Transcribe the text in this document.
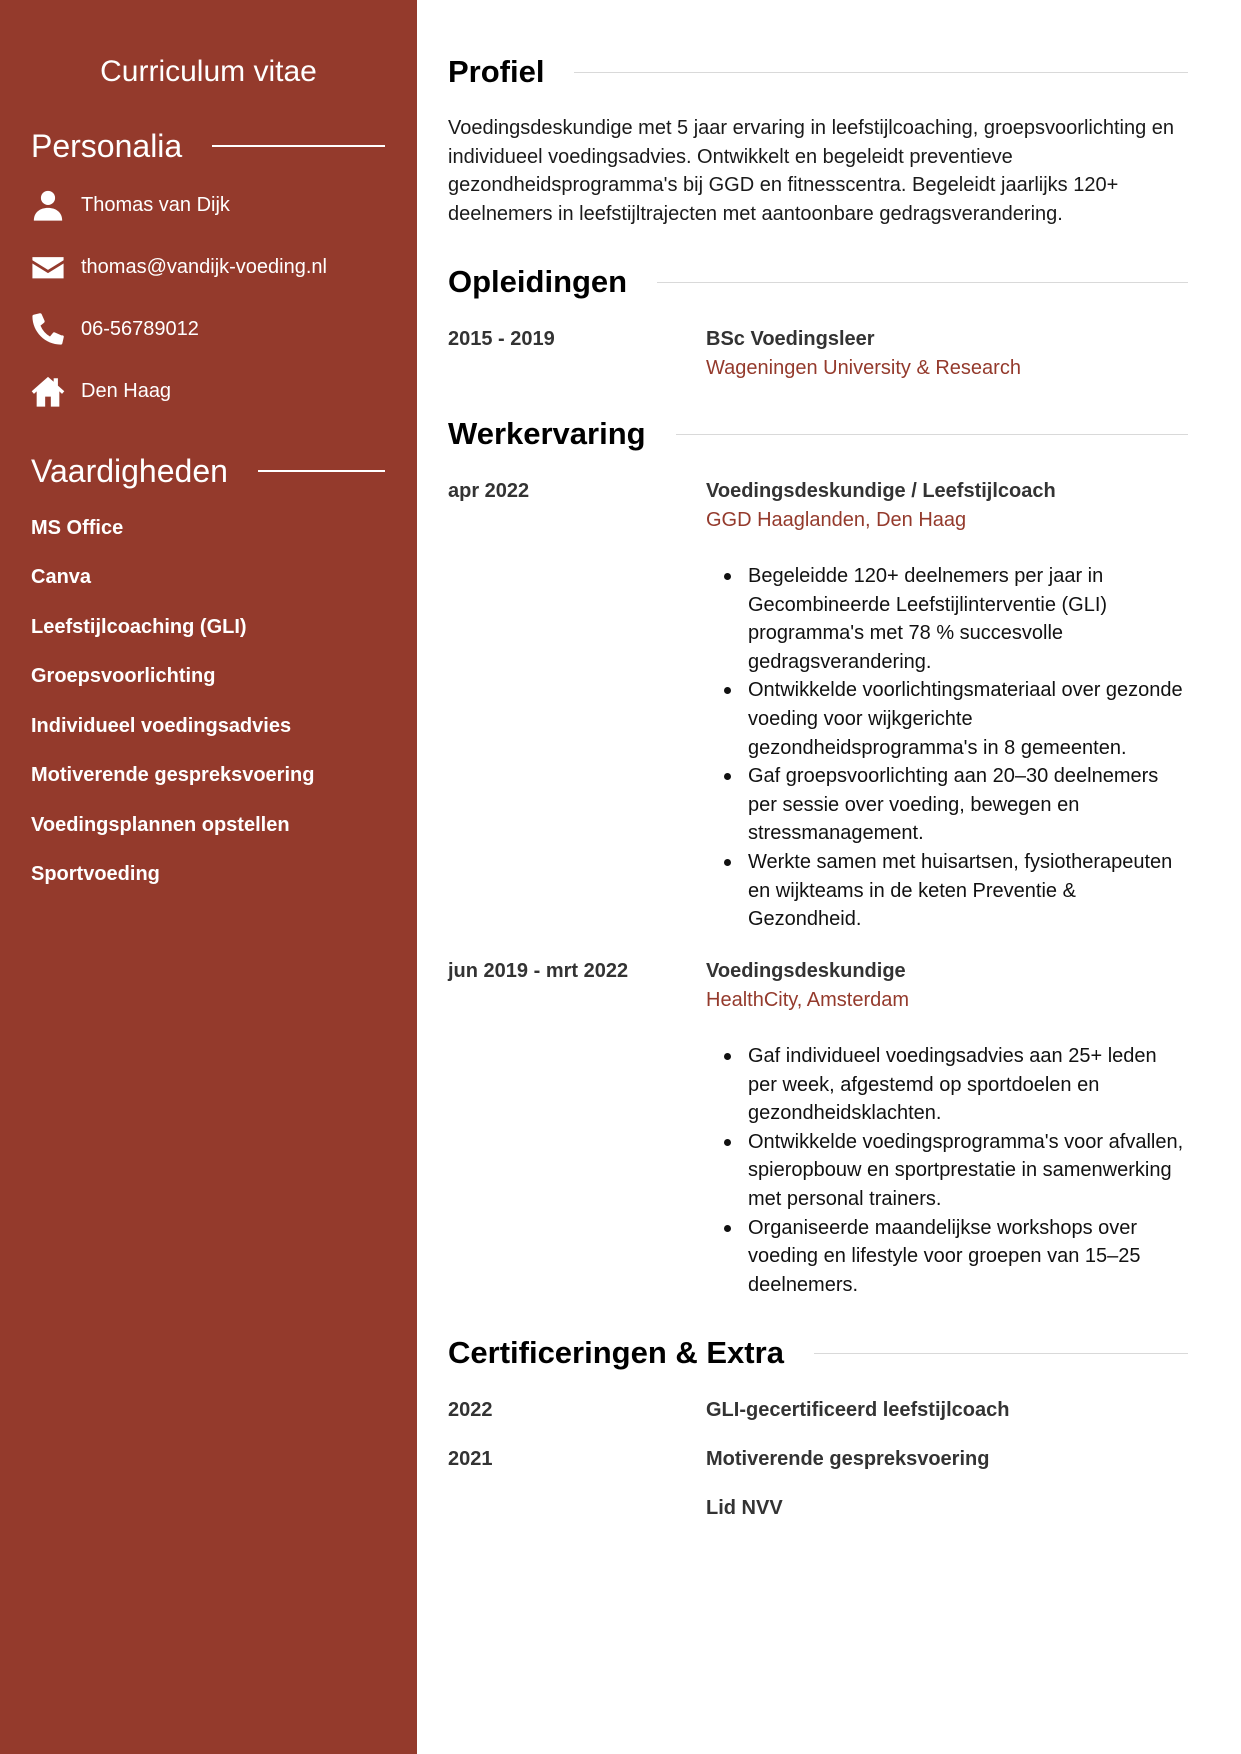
Curriculum vitae
Personalia
Thomas van Dijk
thomas@vandijk-voeding.nl
06-56789012
Den Haag
Vaardigheden
MS Office
Canva
Leefstijlcoaching (GLI)
Groepsvoorlichting
Individueel voedingsadvies
Motiverende gespreksvoering
Voedingsplannen opstellen
Sportvoeding
Profiel
Voedingsdeskundige met 5 jaar ervaring in leefstijlcoaching, groepsvoorlichting en individueel voedingsadvies. Ontwikkelt en begeleidt preventieve gezondheidsprogramma's bij GGD en fitnesscentra. Begeleidt jaarlijks 120+ deelnemers in leefstijltrajecten met aantoonbare gedragsverandering.
Opleidingen
2015 - 2019	BSc Voedingsleer
Wageningen University & Research
Werkervaring
apr 2022	Voedingsdeskundige / Leefstijlcoach
GGD Haaglanden, Den Haag
Begeleidde 120+ deelnemers per jaar in Gecombineerde Leefstijlinterventie (GLI) programma's met 78 % succesvolle gedragsverandering.
Ontwikkelde voorlichtingsmateriaal over gezonde voeding voor wijkgerichte gezondheidsprogramma's in 8 gemeenten.
Gaf groepsvoorlichting aan 20–30 deelnemers per sessie over voeding, bewegen en stressmanagement.
Werkte samen met huisartsen, fysiotherapeuten en wijkteams in de keten Preventie & Gezondheid.
jun 2019 - mrt 2022	Voedingsdeskundige
HealthCity, Amsterdam
Gaf individueel voedingsadvies aan 25+ leden per week, afgestemd op sportdoelen en gezondheidsklachten.
Ontwikkelde voedingsprogramma's voor afvallen, spieropbouw en sportprestatie in samenwerking met personal trainers.
Organiseerde maandelijkse workshops over voeding en lifestyle voor groepen van 15–25 deelnemers.
Certificeringen & Extra
2022	GLI-gecertificeerd leefstijlcoach
2021	Motiverende gespreksvoering
Lid NVV
